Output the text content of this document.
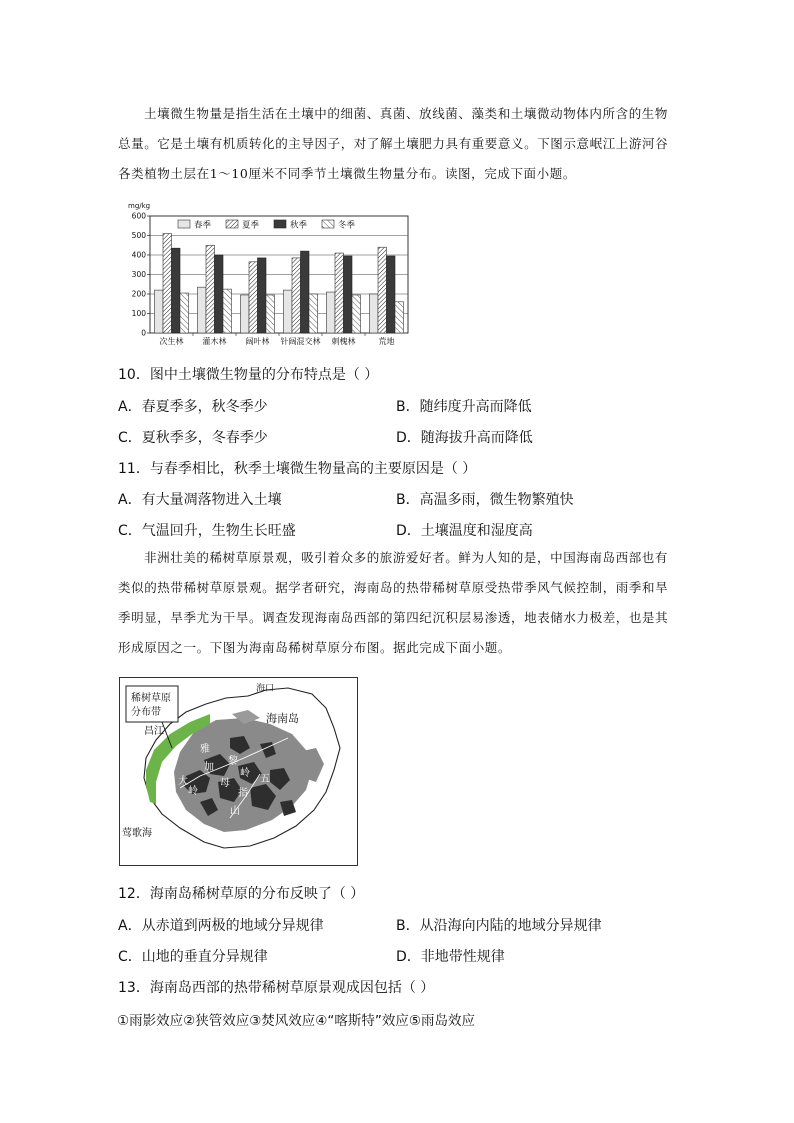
土壤微生物量是指生活在土壤中的细菌、真菌、放线菌、藻类和土壤微动物体内所含的生物总量。它是土壤有机质转化的主导因子，对了解土壤肥力具有重要意义。下图示意岷江上游河谷各类植物土层在1～10厘米不同季节土壤微生物量分布。读图，完成下面小题。

mg/kg
0
100
200
300
400
500
600
次生林 灌木林 阔叶林 针阔混交林 刺槐林	荒地
春季	夏季	秋季	冬季

10．图中土壤微生物量的分布特点是（ ）

A．春夏季多，秋冬季少	B．随纬度升高而降低
C．夏秋季多，冬春季少	D．随海拔升高而降低

11．与春季相比，秋季土壤微生物量高的主要原因是（ ）

A．有大量凋落物进入土壤	B．高温多雨，微生物繁殖快
C．气温回升，生物生长旺盛	D．土壤温度和湿度高

非洲壮美的稀树草原景观，吸引着众多的旅游爱好者。鲜为人知的是，中国海南岛西部也有类似的热带稀树草原景观。据学者研究，海南岛的热带稀树草原受热带季风气候控制，雨季和旱季明显，旱季尤为干旱。调查发现海南岛西部的第四纪沉积层易渗透，地表储水力极差，也是其形成原因之一。下图为海南岛稀树草原分布图。据此完成下面小题。

稀树草原
分布带
海口
海南岛
昌江
莺歌海
雅
加
大
岭
黎
母
岭
五
指
山

12．海南岛稀树草原的分布反映了（ ）

A．从赤道到两极的地域分异规律	B．从沿海向内陆的地域分异规律
C．山地的垂直分异规律	D．非地带性规律

13．海南岛西部的热带稀树草原景观成因包括（ ）

①雨影效应②狭管效应③焚风效应④“喀斯特”效应⑤雨岛效应
